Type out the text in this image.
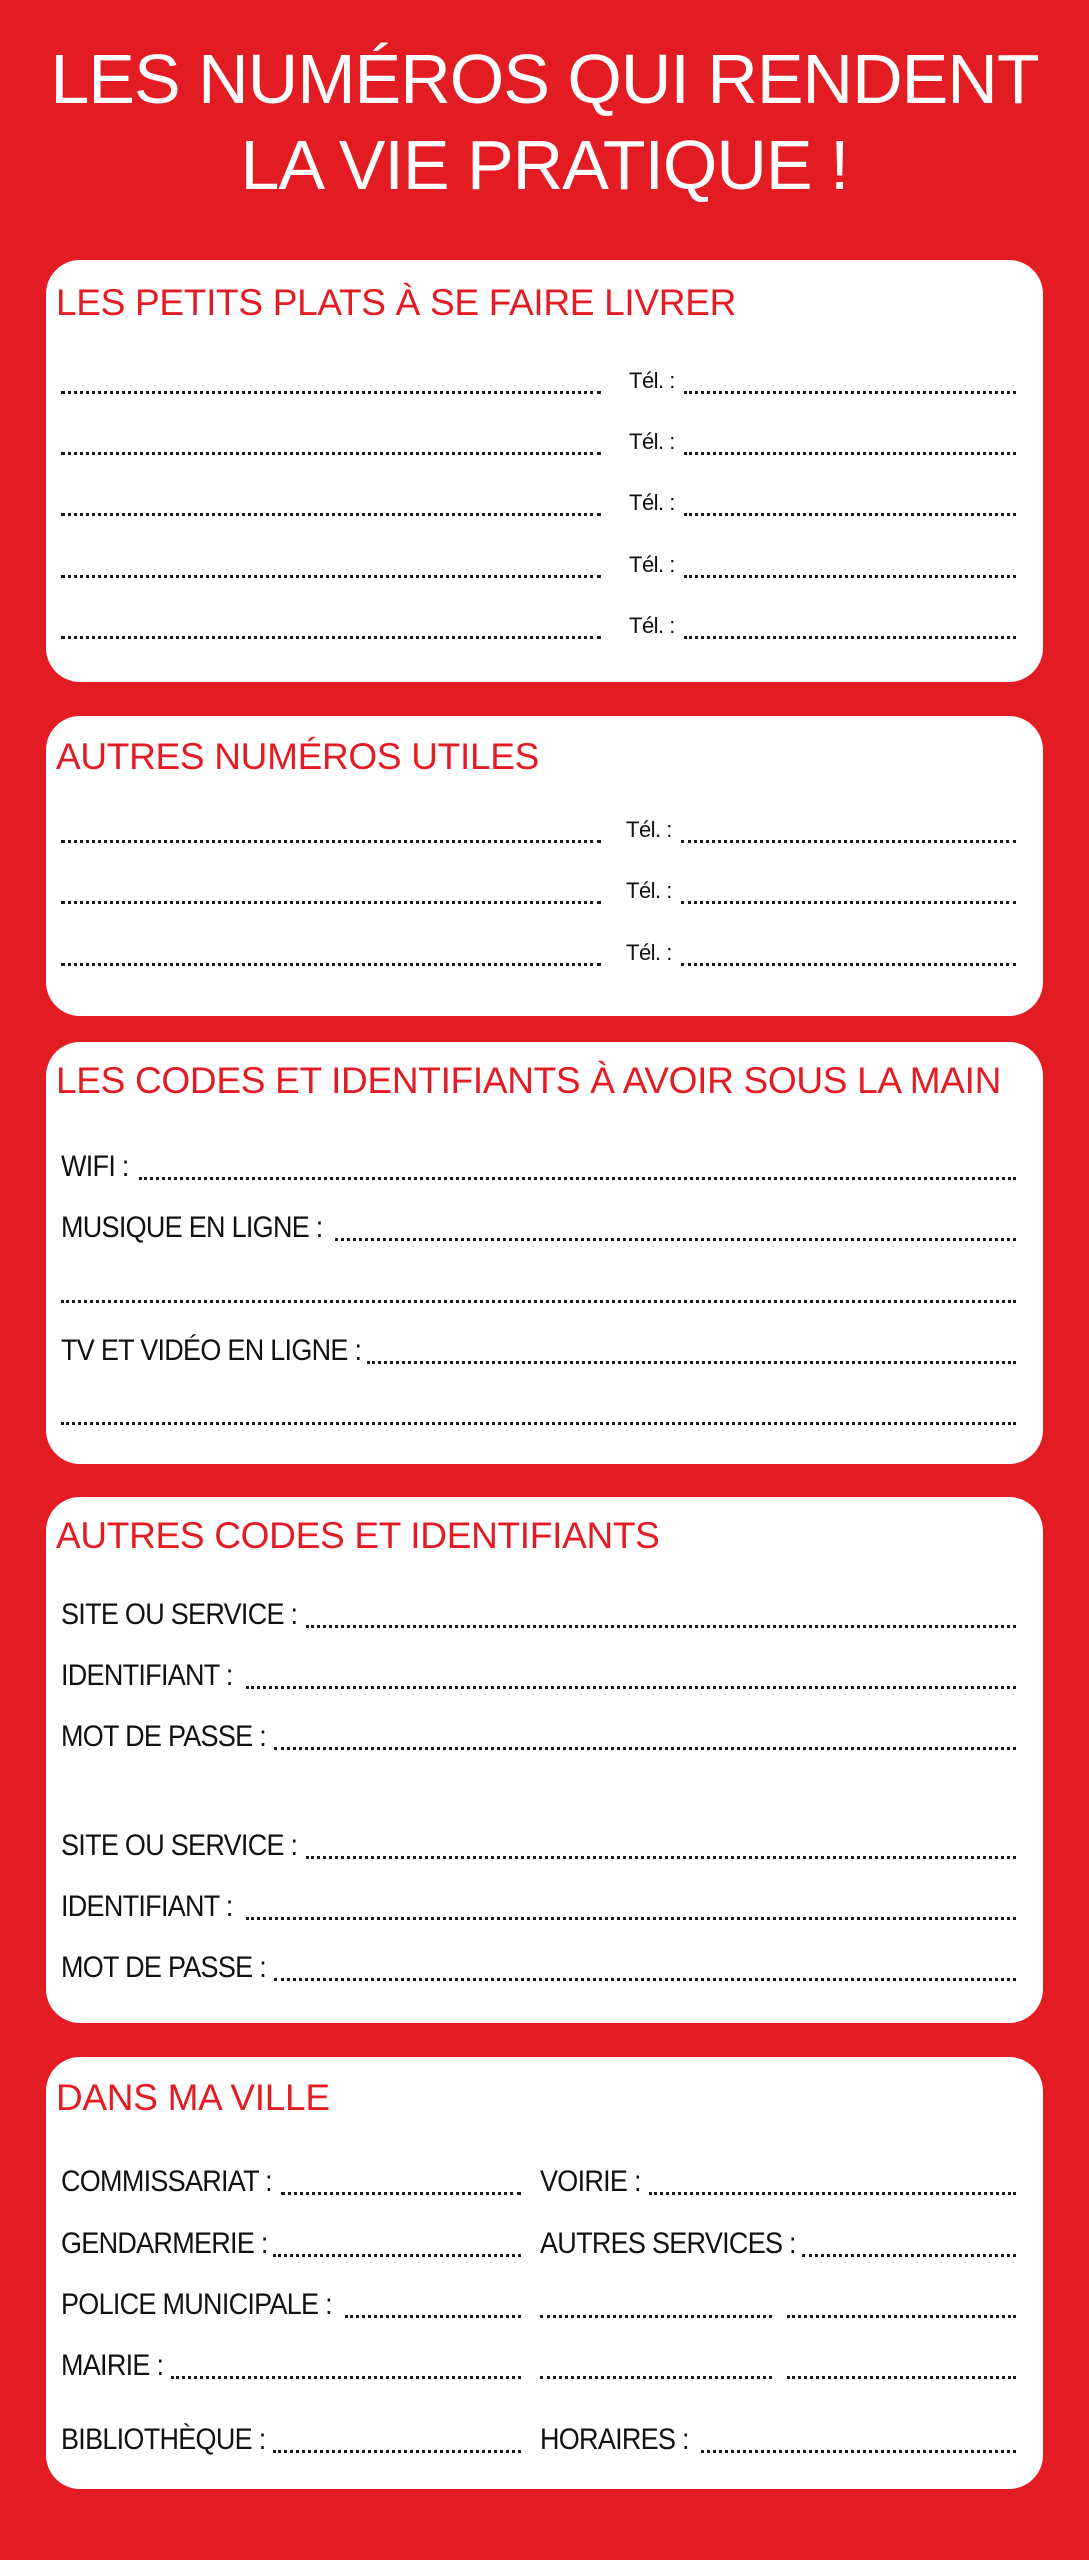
LES NUMÉROS QUI RENDENT
LA VIE PRATIQUE !
LES PETITS PLATS À SE FAIRE LIVRER
Tél. :
Tél. :
Tél. :
Tél. :
Tél. :
AUTRES NUMÉROS UTILES
Tél. :
Tél. :
Tél. :
LES CODES ET IDENTIFIANTS À AVOIR SOUS LA MAIN
WIFI :
MUSIQUE EN LIGNE :
TV ET VIDÉO EN LIGNE :
AUTRES CODES ET IDENTIFIANTS
SITE OU SERVICE :
IDENTIFIANT :
MOT DE PASSE :
SITE OU SERVICE :
IDENTIFIANT :
MOT DE PASSE :
DANS MA VILLE
COMMISSARIAT :	VOIRIE :
GENDARMERIE :	AUTRES SERVICES :
POLICE MUNICIPALE :
MAIRIE :
BIBLIOTHÈQUE :	HORAIRES :
